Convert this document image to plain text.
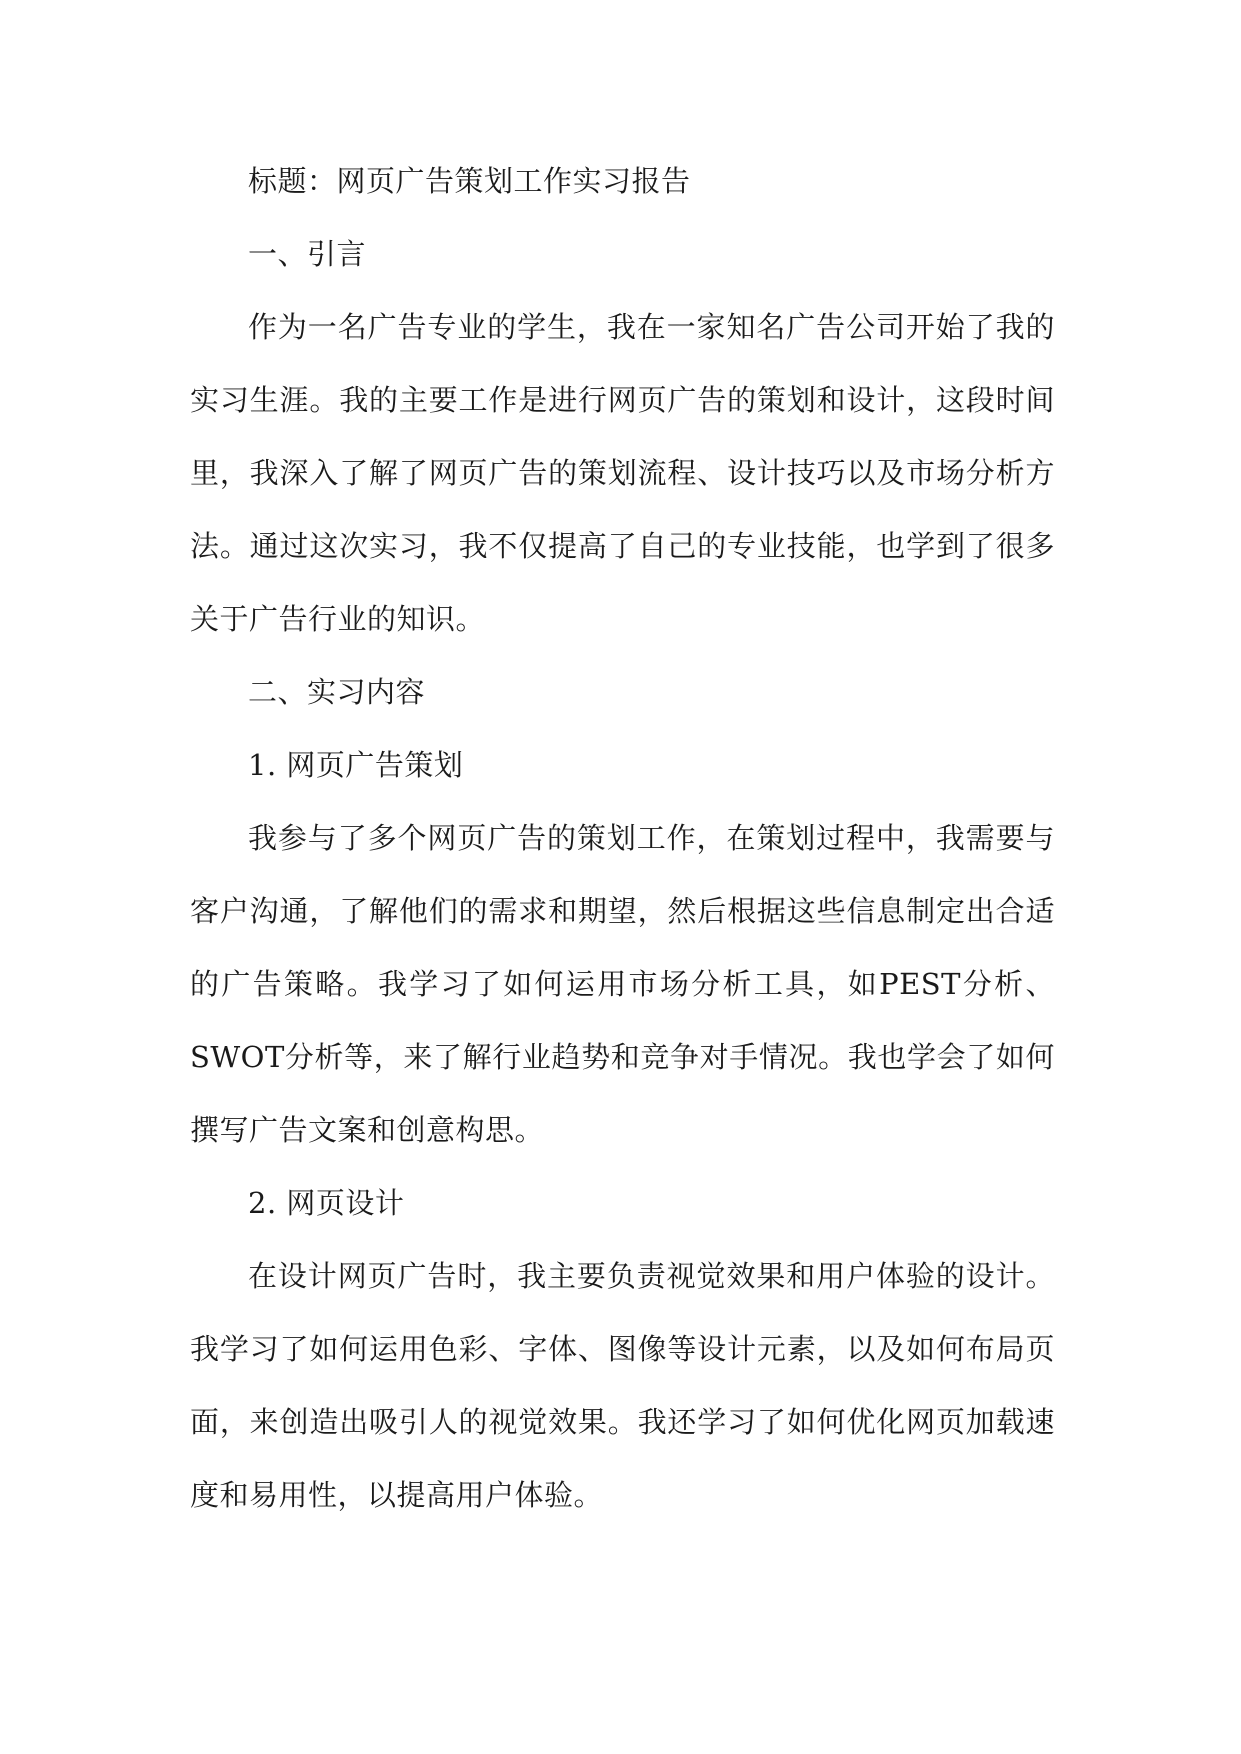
标题：网页广告策划工作实习报告

一、引言

作为一名广告专业的学生，我在一家知名广告公司开始了我的实习生涯。我的主要工作是进行网页广告的策划和设计，这段时间里，我深入了解了网页广告的策划流程、设计技巧以及市场分析方法。通过这次实习，我不仅提高了自己的专业技能，也学到了很多关于广告行业的知识。

二、实习内容

1. 网页广告策划

我参与了多个网页广告的策划工作，在策划过程中，我需要与客户沟通，了解他们的需求和期望，然后根据这些信息制定出合适的广告策略。我学习了如何运用市场分析工具，如PEST分析、SWOT分析等，来了解行业趋势和竞争对手情况。我也学会了如何撰写广告文案和创意构思。

2. 网页设计

在设计网页广告时，我主要负责视觉效果和用户体验的设计。我学习了如何运用色彩、字体、图像等设计元素，以及如何布局页面，来创造出吸引人的视觉效果。我还学习了如何优化网页加载速度和易用性，以提高用户体验。
